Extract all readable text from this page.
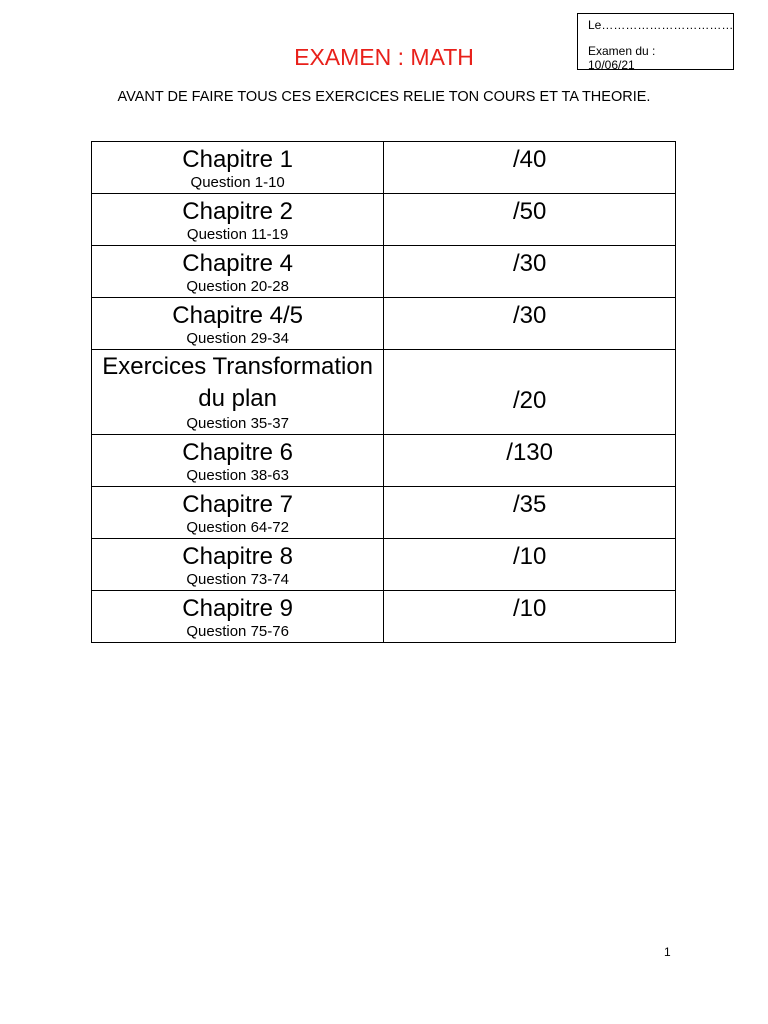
Le……………………………
Examen du :
10/06/21
EXAMEN : MATH
AVANT DE FAIRE TOUS CES EXERCICES RELIE TON COURS ET TA THEORIE.
Chapitre 1
Question 1-10	/40

Chapitre 2
Question 11-19	/50

Chapitre 4
Question 20-28	/30

Chapitre 4/5
Question 29-34	/30

Exercices Transformation du plan
Question 35-37	/20

Chapitre 6
Question 38-63	/130

Chapitre 7
Question 64-72	/35

Chapitre 8
Question 73-74	/10

Chapitre 9
Question 75-76	/10
1
